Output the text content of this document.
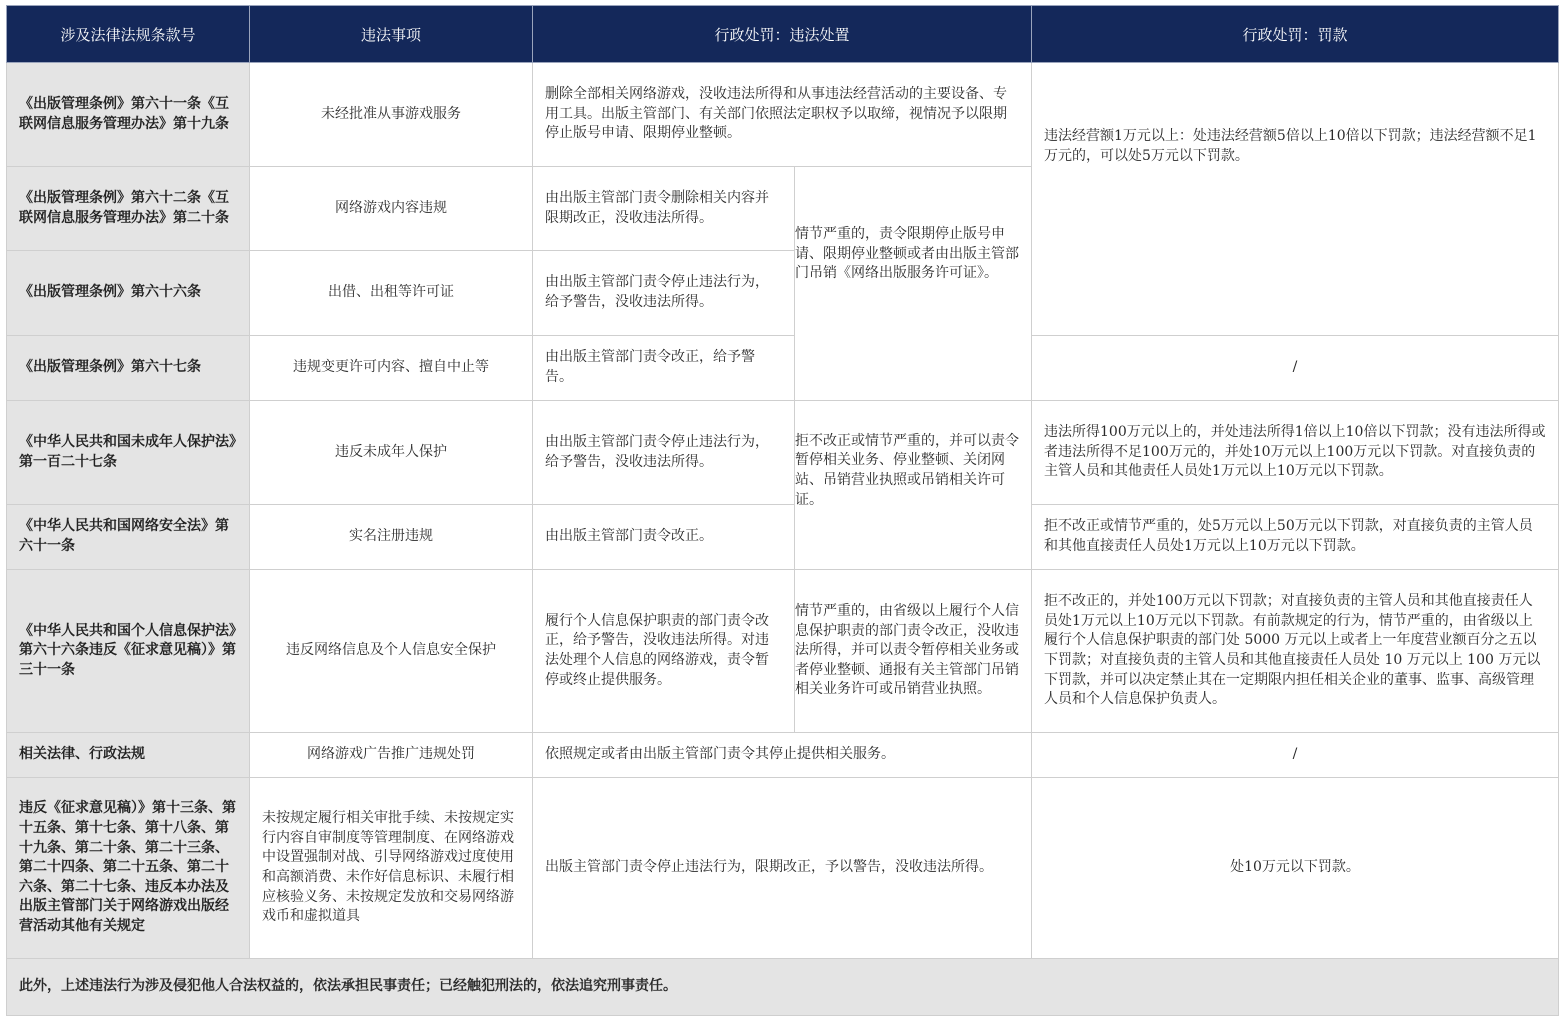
涉及法律法规条款号	违法事项	行政处罚：违法处置		行政处罚：罚款
《出版管理条例》第六十一条《互联网信息服务管理办法》第十九条	未经批准从事游戏服务	删除全部相关网络游戏，没收违法所得和从事违法经营活动的主要设备、专用工具。出版主管部门、有关部门依照法定职权予以取缔，视情况予以限期停止版号申请、限期停业整顿。		违法经营额1万元以上：处违法经营额5倍以上10倍以下罚款；违法经营额不足1万元的，可以处5万元以下罚款。
《出版管理条例》第六十二条《互联网信息服务管理办法》第二十条	网络游戏内容违规	由出版主管部门责令删除相关内容并限期改正，没收违法所得。	情节严重的，责令限期停止版号申请、限期停业整顿或者由出版主管部门吊销《网络出版服务许可证》。	
《出版管理条例》第六十六条	出借、出租等许可证	由出版主管部门责令停止违法行为，给予警告，没收违法所得。		
《出版管理条例》第六十七条	违规变更许可内容、擅自中止等	由出版主管部门责令改正，给予警告。		/
《中华人民共和国未成年人保护法》第一百二十七条	违反未成年人保护	由出版主管部门责令停止违法行为，给予警告，没收违法所得。	拒不改正或情节严重的，并可以责令暂停相关业务、停业整顿、关闭网站、吊销营业执照或吊销相关许可证。	违法所得100万元以上的，并处违法所得1倍以上10倍以下罚款；没有违法所得或者违法所得不足100万元的，并处10万元以上100万元以下罚款。对直接负责的主管人员和其他责任人员处1万元以上10万元以下罚款。
《中华人民共和国网络安全法》第六十一条	实名注册违规	由出版主管部门责令改正。		拒不改正或情节严重的，处5万元以上50万元以下罚款，对直接负责的主管人员和其他直接责任人员处1万元以上10万元以下罚款。
《中华人民共和国个人信息保护法》第六十六条违反《征求意见稿）》第三十一条	违反网络信息及个人信息安全保护	履行个人信息保护职责的部门责令改正，给予警告，没收违法所得。对违法处理个人信息的网络游戏，责令暂停或终止提供服务。	情节严重的，由省级以上履行个人信息保护职责的部门责令改正，没收违法所得，并可以责令暂停相关业务或者停业整顿、通报有关主管部门吊销相关业务许可或吊销营业执照。	拒不改正的，并处100万元以下罚款；对直接负责的主管人员和其他直接责任人员处1万元以上10万元以下罚款。有前款规定的行为，情节严重的，由省级以上履行个人信息保护职责的部门处 5000 万元以上或者上一年度营业额百分之五以下罚款；对直接负责的主管人员和其他直接责任人员处 10 万元以上 100 万元以下罚款，并可以决定禁止其在一定期限内担任相关企业的董事、监事、高级管理人员和个人信息保护负责人。
相关法律、行政法规	网络游戏广告推广违规处罚	依照规定或者由出版主管部门责令其停止提供相关服务。		/
违反《征求意见稿）》第十三条、第十五条、第十七条、第十八条、第十九条、第二十条、第二十三条、第二十四条、第二十五条、第二十六条、第二十七条、违反本办法及出版主管部门关于网络游戏出版经营活动其他有关规定	未按规定履行相关审批手续、未按规定实行内容自审制度等管理制度、在网络游戏中设置强制对战、引导网络游戏过度使用和高额消费、未作好信息标识、未履行相应核验义务、未按规定发放和交易网络游戏币和虚拟道具	出版主管部门责令停止违法行为，限期改正，予以警告，没收违法所得。		处10万元以下罚款。
此外，上述违法行为涉及侵犯他人合法权益的，依法承担民事责任；已经触犯刑法的，依法追究刑事责任。				
